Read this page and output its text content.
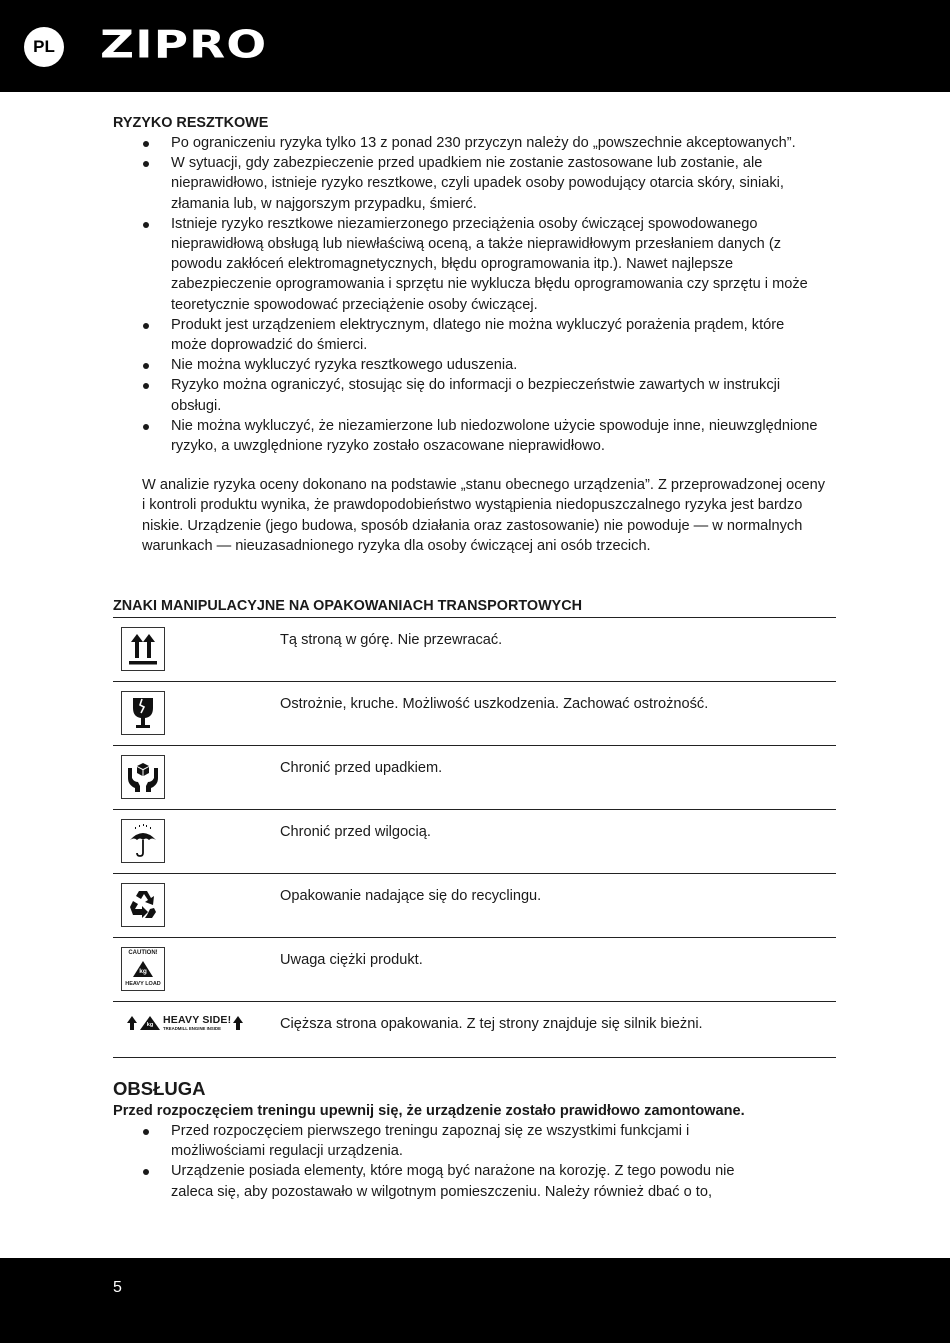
PL ZIPRO
RYZYKO RESZTKOWE
Po ograniczeniu ryzyka tylko 13 z ponad 230 przyczyn należy do „powszechnie akceptowanych”.
W sytuacji, gdy zabezpieczenie przed upadkiem nie zostanie zastosowane lub zostanie, ale nieprawidłowo, istnieje ryzyko resztkowe, czyli upadek osoby powodujący otarcia skóry, siniaki, złamania lub, w najgorszym przypadku, śmierć.
Istnieje ryzyko resztkowe niezamierzonego przeciążenia osoby ćwiczącej spowodowanego nieprawidłową obsługą lub niewłaściwą oceną, a także nieprawidłowym przesłaniem danych (z powodu zakłóceń elektromagnetycznych, błędu oprogramowania itp.). Nawet najlepsze zabezpieczenie oprogramowania i sprzętu nie wyklucza błędu oprogramowania czy sprzętu i może teoretycznie spowodować przeciążenie osoby ćwiczącej.
Produkt jest urządzeniem elektrycznym, dlatego nie można wykluczyć porażenia prądem, które może doprowadzić do śmierci.
Nie można wykluczyć ryzyka resztkowego uduszenia.
Ryzyko można ograniczyć, stosując się do informacji o bezpieczeństwie zawartych w instrukcji obsługi.
Nie można wykluczyć, że niezamierzone lub niedozwolone użycie spowoduje inne, nieuwzględnione ryzyko, a uwzględnione ryzyko zostało oszacowane nieprawidłowo.
W analizie ryzyka oceny dokonano na podstawie „stanu obecnego urządzenia”. Z przeprowadzonej oceny i kontroli produktu wynika, że prawdopodobieństwo wystąpienia niedopuszczalnego ryzyka jest bardzo niskie. Urządzenie (jego budowa, sposób działania oraz zastosowanie) nie powoduje — w normalnych warunkach — nieuzasadnionego ryzyka dla osoby ćwiczącej ani osób trzecich.
ZNAKI MANIPULACYJNE NA OPAKOWANIACH TRANSPORTOWYCH
	Tą stroną w górę. Nie przewracać.

	Ostrożnie, kruche. Możliwość uszkodzenia. Zachować ostrożność.

	Chronić przed upadkiem.

	Chronić przed wilgocią.

	Opakowanie nadające się do recyclingu.

CAUTION!
kg
HEAVY LOAD	Uwaga ciężki produkt.

kg HEAVY SIDE!
TREADMILL ENGINE INSIDE	Cięższa strona opakowania. Z tej strony znajduje się silnik bieżni.
OBSŁUGA
Przed rozpoczęciem treningu upewnij się, że urządzenie zostało prawidłowo zamontowane.
Przed rozpoczęciem pierwszego treningu zapoznaj się ze wszystkimi funkcjami i możliwościami regulacji urządzenia.
Urządzenie posiada elementy, które mogą być narażone na korozję. Z tego powodu nie zaleca się, aby pozostawało w wilgotnym pomieszczeniu. Należy również dbać o to,
5
